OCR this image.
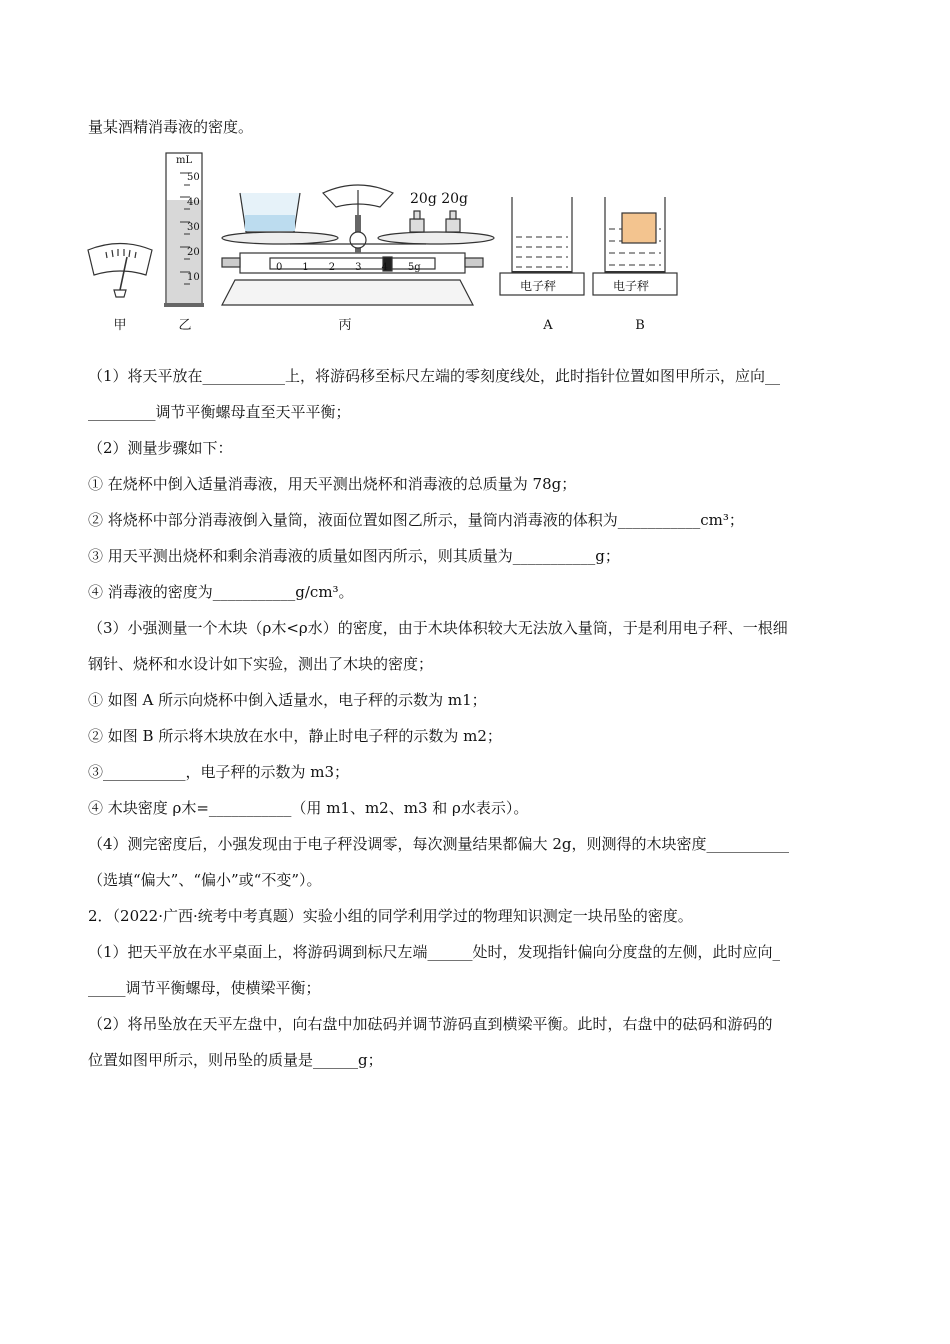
量某酒精消毒液的密度。
mL
50
40
30
20
10
20g 20g
0 1 2 3 4 5g
电子秤	电子秤
甲	乙	丙	A	B
（1）将天平放在___________上，将游码移至标尺左端的零刻度线处，此时指针位置如图甲所示，应向__
_________调节平衡螺母直至天平平衡；
（2）测量步骤如下：
① 在烧杯中倒入适量消毒液，用天平测出烧杯和消毒液的总质量为 78g；
② 将烧杯中部分消毒液倒入量筒，液面位置如图乙所示，量筒内消毒液的体积为___________cm³；
③ 用天平测出烧杯和剩余消毒液的质量如图丙所示，则其质量为___________g；
④ 消毒液的密度为___________g/cm³。
（3）小强测量一个木块（ρ木<ρ水）的密度，由于木块体积较大无法放入量筒，于是利用电子秤、一根细
钢针、烧杯和水设计如下实验，测出了木块的密度；
① 如图 A 所示向烧杯中倒入适量水，电子秤的示数为 m1；
② 如图 B 所示将木块放在水中，静止时电子秤的示数为 m2；
③___________，电子秤的示数为 m3；
④ 木块密度 ρ木=___________（用 m1、m2、m3 和 ρ水表示）。
（4）测完密度后，小强发现由于电子秤没调零，每次测量结果都偏大 2g，则测得的木块密度___________
（选填“偏大”、“偏小”或“不变”）。
2．（2022·广西·统考中考真题）实验小组的同学利用学过的物理知识测定一块吊坠的密度。
（1）把天平放在水平桌面上，将游码调到标尺左端______处时，发现指针偏向分度盘的左侧，此时应向_
_____调节平衡螺母，使横梁平衡；
（2）将吊坠放在天平左盘中，向右盘中加砝码并调节游码直到横梁平衡。此时，右盘中的砝码和游码的
位置如图甲所示，则吊坠的质量是______g；
